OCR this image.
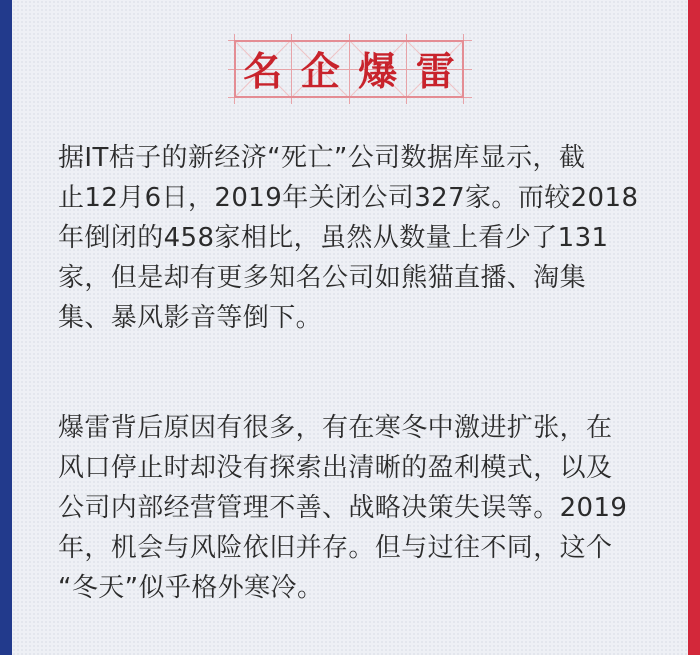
名 企 爆 雷
据IT桔子的新经济“死亡”公司数据库显示，截
止12月6日，2019年关闭公司327家。而较2018
年倒闭的458家相比，虽然从数量上看少了131
家，但是却有更多知名公司如熊猫直播、淘集
集、暴风影音等倒下。
爆雷背后原因有很多，有在寒冬中激进扩张，在
风口停止时却没有探索出清晰的盈利模式，以及
公司内部经营管理不善、战略决策失误等。2019
年，机会与风险依旧并存。但与过往不同，这个
“冬天”似乎格外寒冷。
